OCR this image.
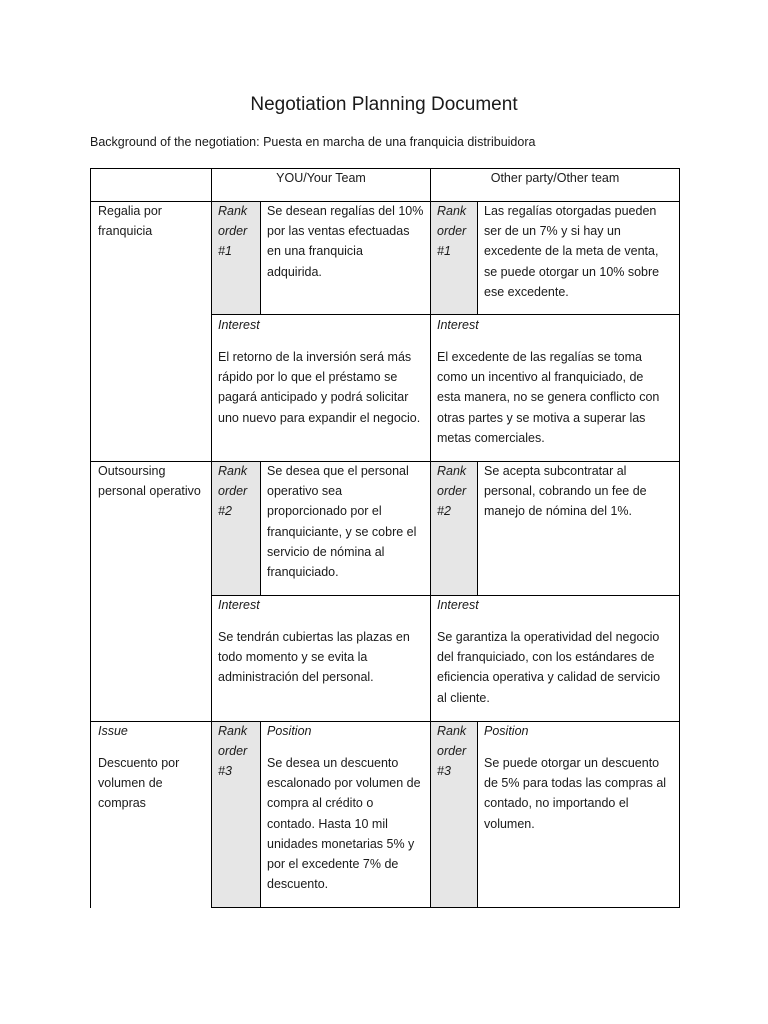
Negotiation Planning Document
Background of the negotiation: Puesta en marcha de una franquicia distribuidora
YOU/Your Team	Other party/Other team
Regalia por
franquicia
Rank
order
#1
Se desean regalías del 10%
por las ventas efectuadas
en una franquicia
adquirida.
Rank
order
#1
Las regalías otorgadas pueden
ser de un 7% y si hay un
excedente de la meta de venta,
se puede otorgar un 10% sobre
ese excedente.
Interest
El retorno de la inversión será más
rápido por lo que el préstamo se
pagará anticipado y podrá solicitar
uno nuevo para expandir el negocio.
Interest
El excedente de las regalías se toma
como un incentivo al franquiciado, de
esta manera, no se genera conflicto con
otras partes y se motiva a superar las
metas comerciales.
Outsoursing
personal operativo
Rank
order
#2
Se desea que el personal
operativo sea
proporcionado por el
franquiciante, y se cobre el
servicio de nómina al
franquiciado.
Rank
order
#2
Se acepta subcontratar al
personal, cobrando un fee de
manejo de nómina del 1%.
Interest
Se tendrán cubiertas las plazas en
todo momento y se evita la
administración del personal.
Interest
Se garantiza la operatividad del negocio
del franquiciado, con los estándares de
eficiencia operativa y calidad de servicio
al cliente.
Issue
Descuento por
volumen de
compras
Rank
order
#3
Position
Se desea un descuento
escalonado por volumen de
compra al crédito o
contado. Hasta 10 mil
unidades monetarias 5% y
por el excedente 7% de
descuento.
Rank
order
#3
Position
Se puede otorgar un descuento
de 5% para todas las compras al
contado, no importando el
volumen.
